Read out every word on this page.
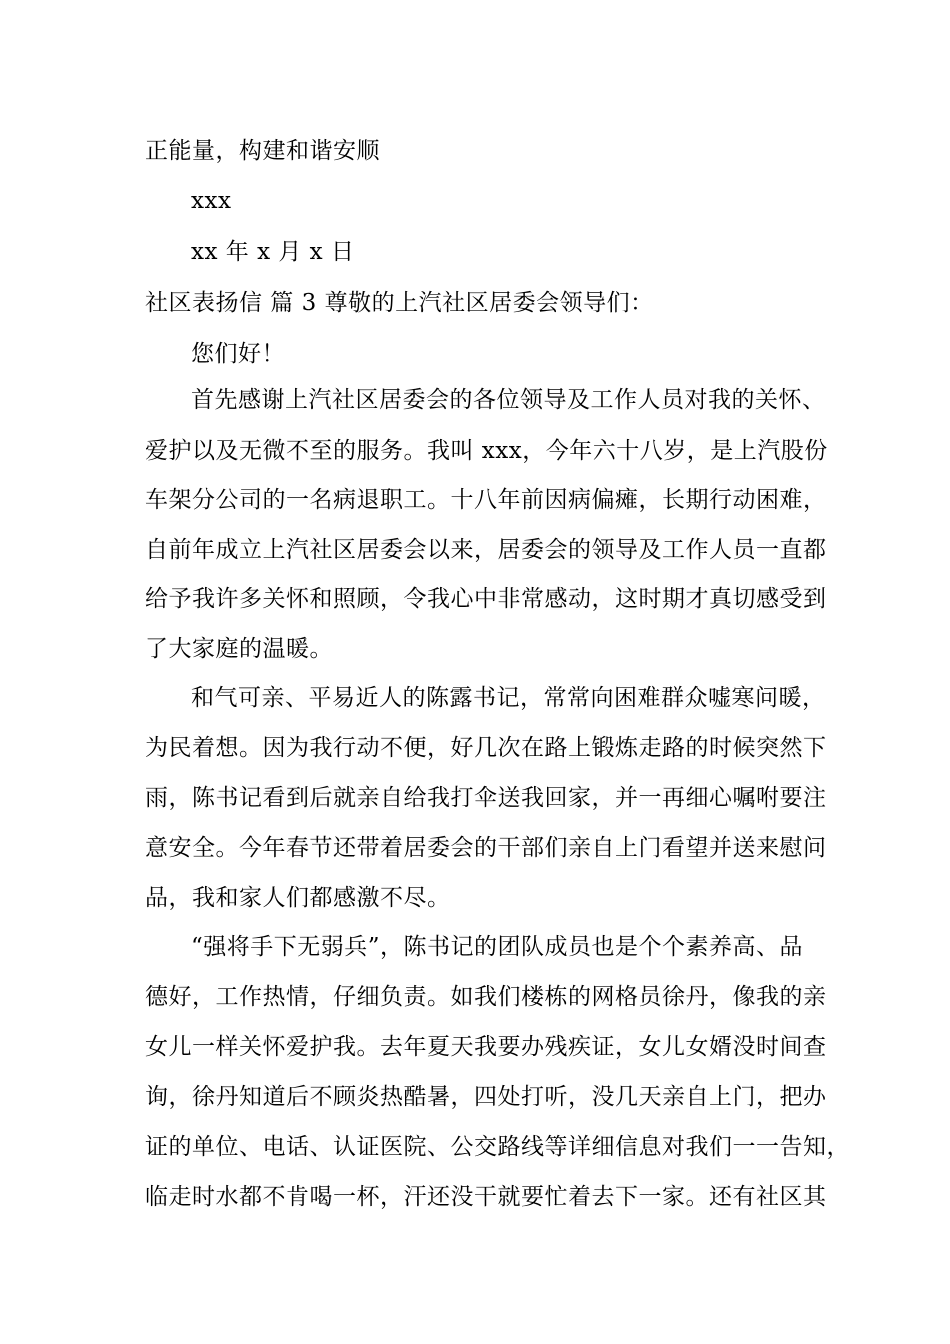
正能量，构建和谐安顺
xxx
xx 年 x 月 x 日
社区表扬信 篇 3 尊敬的上汽社区居委会领导们：
您们好！
首先感谢上汽社区居委会的各位领导及工作人员对我的关怀、
爱护以及无微不至的服务。我叫 xxx，今年六十八岁，是上汽股份
车架分公司的一名病退职工。十八年前因病偏瘫，长期行动困难，
自前年成立上汽社区居委会以来，居委会的领导及工作人员一直都
给予我许多关怀和照顾，令我心中非常感动，这时期才真切感受到
了大家庭的温暖。
和气可亲、平易近人的陈露书记，常常向困难群众嘘寒问暖，
为民着想。因为我行动不便，好几次在路上锻炼走路的时候突然下
雨，陈书记看到后就亲自给我打伞送我回家，并一再细心嘱咐要注
意安全。今年春节还带着居委会的干部们亲自上门看望并送来慰问
品，我和家人们都感激不尽。
“强将手下无弱兵”，陈书记的团队成员也是个个素养高、品
德好，工作热情，仔细负责。如我们楼栋的网格员徐丹，像我的亲
女儿一样关怀爱护我。去年夏天我要办残疾证，女儿女婿没时间查
询，徐丹知道后不顾炎热酷暑，四处打听，没几天亲自上门，把办
证的单位、电话、认证医院、公交路线等详细信息对我们一一告知，
临走时水都不肯喝一杯，汗还没干就要忙着去下一家。还有社区其
